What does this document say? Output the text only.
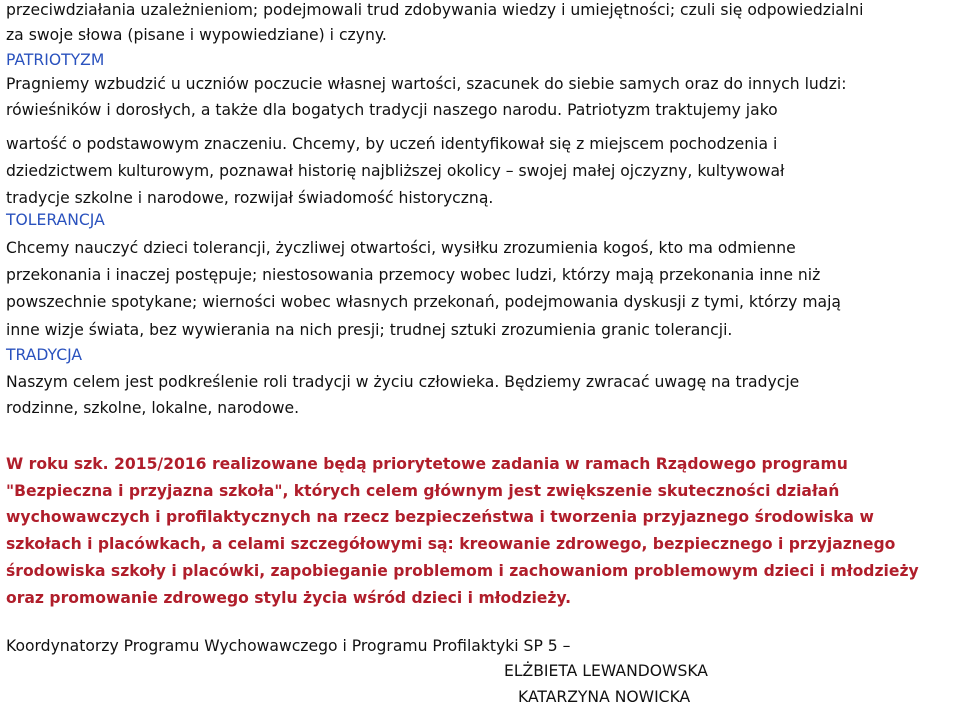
przeciwdziałania uzależnieniom; podejmowali trud zdobywania wiedzy i umiejętności; czuli się odpowiedzialni
za swoje słowa (pisane i wypowiedziane) i czyny.
PATRIOTYZM
Pragniemy wzbudzić u uczniów poczucie własnej wartości, szacunek do siebie samych oraz do innych ludzi:
rówieśników i dorosłych, a także dla bogatych tradycji naszego narodu. Patriotyzm traktujemy jako
wartość o podstawowym znaczeniu. Chcemy, by uczeń identyfikował się z miejscem pochodzenia i
dziedzictwem kulturowym, poznawał historię najbliższej okolicy – swojej małej ojczyzny, kultywował
tradycje szkolne i narodowe, rozwijał świadomość historyczną.
TOLERANCJA
Chcemy nauczyć dzieci tolerancji, życzliwej otwartości, wysiłku zrozumienia kogoś, kto ma odmienne
przekonania i inaczej postępuje; niestosowania przemocy wobec ludzi, którzy mają przekonania inne niż
powszechnie spotykane; wierności wobec własnych przekonań, podejmowania dyskusji z tymi, którzy mają
inne wizje świata, bez wywierania na nich presji; trudnej sztuki zrozumienia granic tolerancji.
TRADYCJA
Naszym celem jest podkreślenie roli tradycji w życiu człowieka. Będziemy zwracać uwagę na tradycje
rodzinne, szkolne, lokalne, narodowe.
W roku szk. 2015/2016 realizowane będą priorytetowe zadania w ramach Rządowego programu
"Bezpieczna i przyjazna szkoła", których celem głównym jest zwiększenie skuteczności działań
wychowawczych i profilaktycznych na rzecz bezpieczeństwa i tworzenia przyjaznego środowiska w
szkołach i placówkach, a celami szczegółowymi są: kreowanie zdrowego, bezpiecznego i przyjaznego
środowiska szkoły i placówki, zapobieganie problemom i zachowaniom problemowym dzieci i młodzieży
oraz promowanie zdrowego stylu życia wśród dzieci i młodzieży.
Koordynatorzy Programu Wychowawczego i Programu Profilaktyki SP 5 –
ELŻBIETA LEWANDOWSKA
KATARZYNA NOWICKA
